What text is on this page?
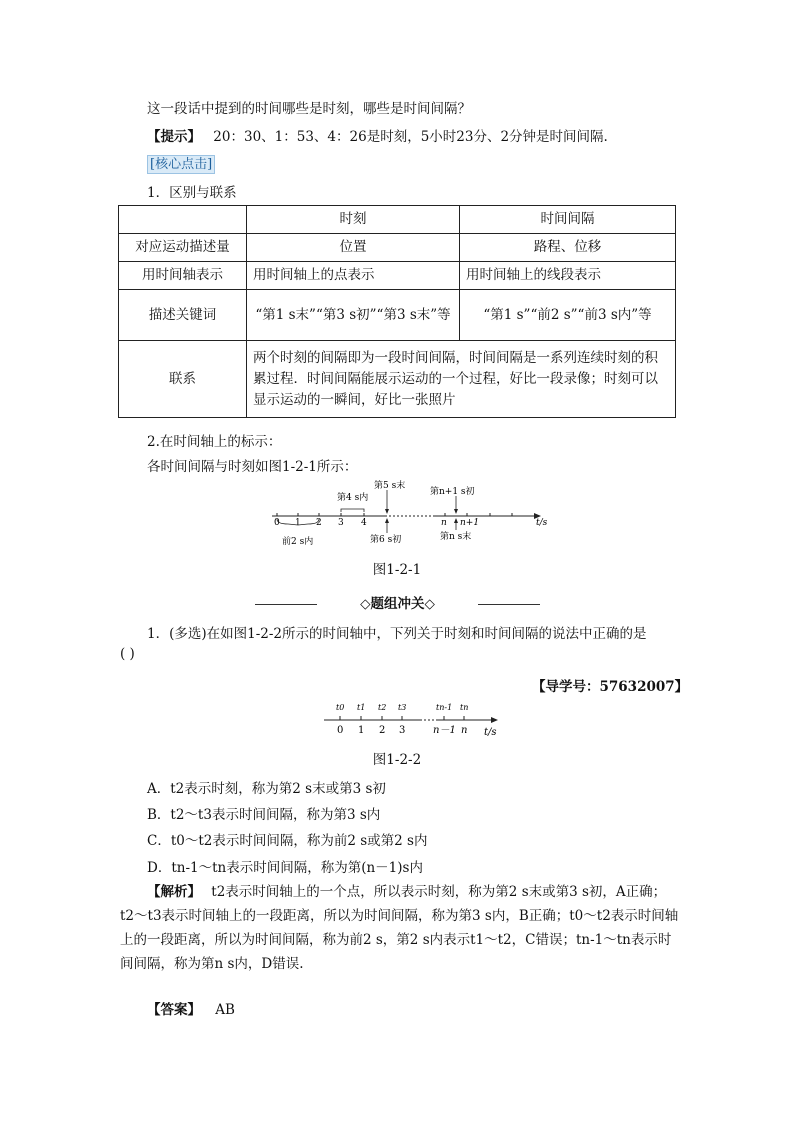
这一段话中提到的时间哪些是时刻，哪些是时间间隔？
【提示】 20：30、1：53、4：26是时刻，5小时23分、2分钟是时间间隔.
[核心点击]
1．区别与联系
	时刻	时间间隔
对应运动描述量	位置	路程、位移
用时间轴表示	用时间轴上的点表示	用时间轴上的线段表示
描述关键词	“第1 s末”“第3 s初”“第3 s末”等	“第1 s”“前2 s”“前3 s内”等
联系	两个时刻的间隔即为一段时间间隔，时间间隔是一系列连续时刻的积累过程．时间间隔能展示运动的一个过程，好比一段录像；时刻可以显示运动的一瞬间，好比一张照片	
2.在时间轴上的标示：
各时间间隔与时刻如图1-2-1所示：
0 1 2 3 4	n n+1	t/s
第4 s内
第5 s末
前2 s内	第6 s初
第n+1 s初
第n s末
图1-2-1
◇题组冲关◇
1．(多选)在如图1-2-2所示的时间轴中，下列关于时刻和时间间隔的说法中正确的是
( )
【导学号：57632007】
t0 t1 t2 t3	tn-1 tn
0 1 2 3	n－1 n t/s
图1-2-2
A．t2表示时刻，称为第2 s末或第3 s初
B．t2～t3表示时间间隔，称为第3 s内
C．t0～t2表示时间间隔，称为前2 s或第2 s内
D．tn-1～tn表示时间间隔，称为第(n－1)s内
【解析】 t2表示时间轴上的一个点，所以表示时刻，称为第2 s末或第3 s初，A正确；t2～t3表示时间轴上的一段距离，所以为时间间隔，称为第3 s内，B正确；t0～t2表示时间轴上的一段距离，所以为时间间隔，称为前2 s，第2 s内表示t1～t2，C错误；tn-1～tn表示时间间隔，称为第n s内，D错误.
【答案】 AB
